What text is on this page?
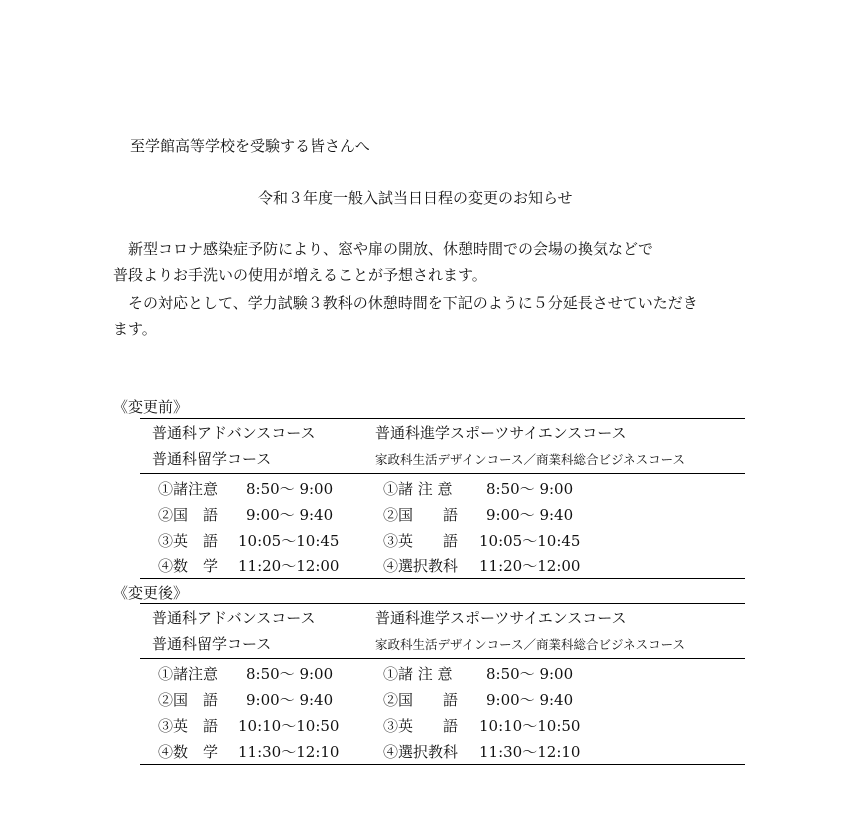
至学館高等学校を受験する皆さんへ
令和３年度一般入試当日日程の変更のお知らせ
新型コロナ感染症予防により、窓や扉の開放、休憩時間での会場の換気などで
普段よりお手洗いの使用が増えることが予想されます。
その対応として、学力試験３教科の休憩時間を下記のように５分延長させていただき
ます。
《変更前》
普通科アドバンスコース	普通科進学スポーツサイエンスコース
普通科留学コース	家政科生活デザインコース／商業科総合ビジネスコース
①諸注意 8:50～ 9:00	①諸 注 意 8:50～ 9:00
②国　語 9:00～ 9:40	②国　　語 9:00～ 9:40
③英　語 10:05～10:45	③英　　語 10:05～10:45
④数　学 11:20～12:00	④選択教科 11:20～12:00
《変更後》
普通科アドバンスコース	普通科進学スポーツサイエンスコース
普通科留学コース	家政科生活デザインコース／商業科総合ビジネスコース
①諸注意 8:50～ 9:00	①諸 注 意 8:50～ 9:00
②国　語 9:00～ 9:40	②国　　語 9:00～ 9:40
③英　語 10:10～10:50	③英　　語 10:10～10:50
④数　学 11:30～12:10	④選択教科 11:30～12:10
